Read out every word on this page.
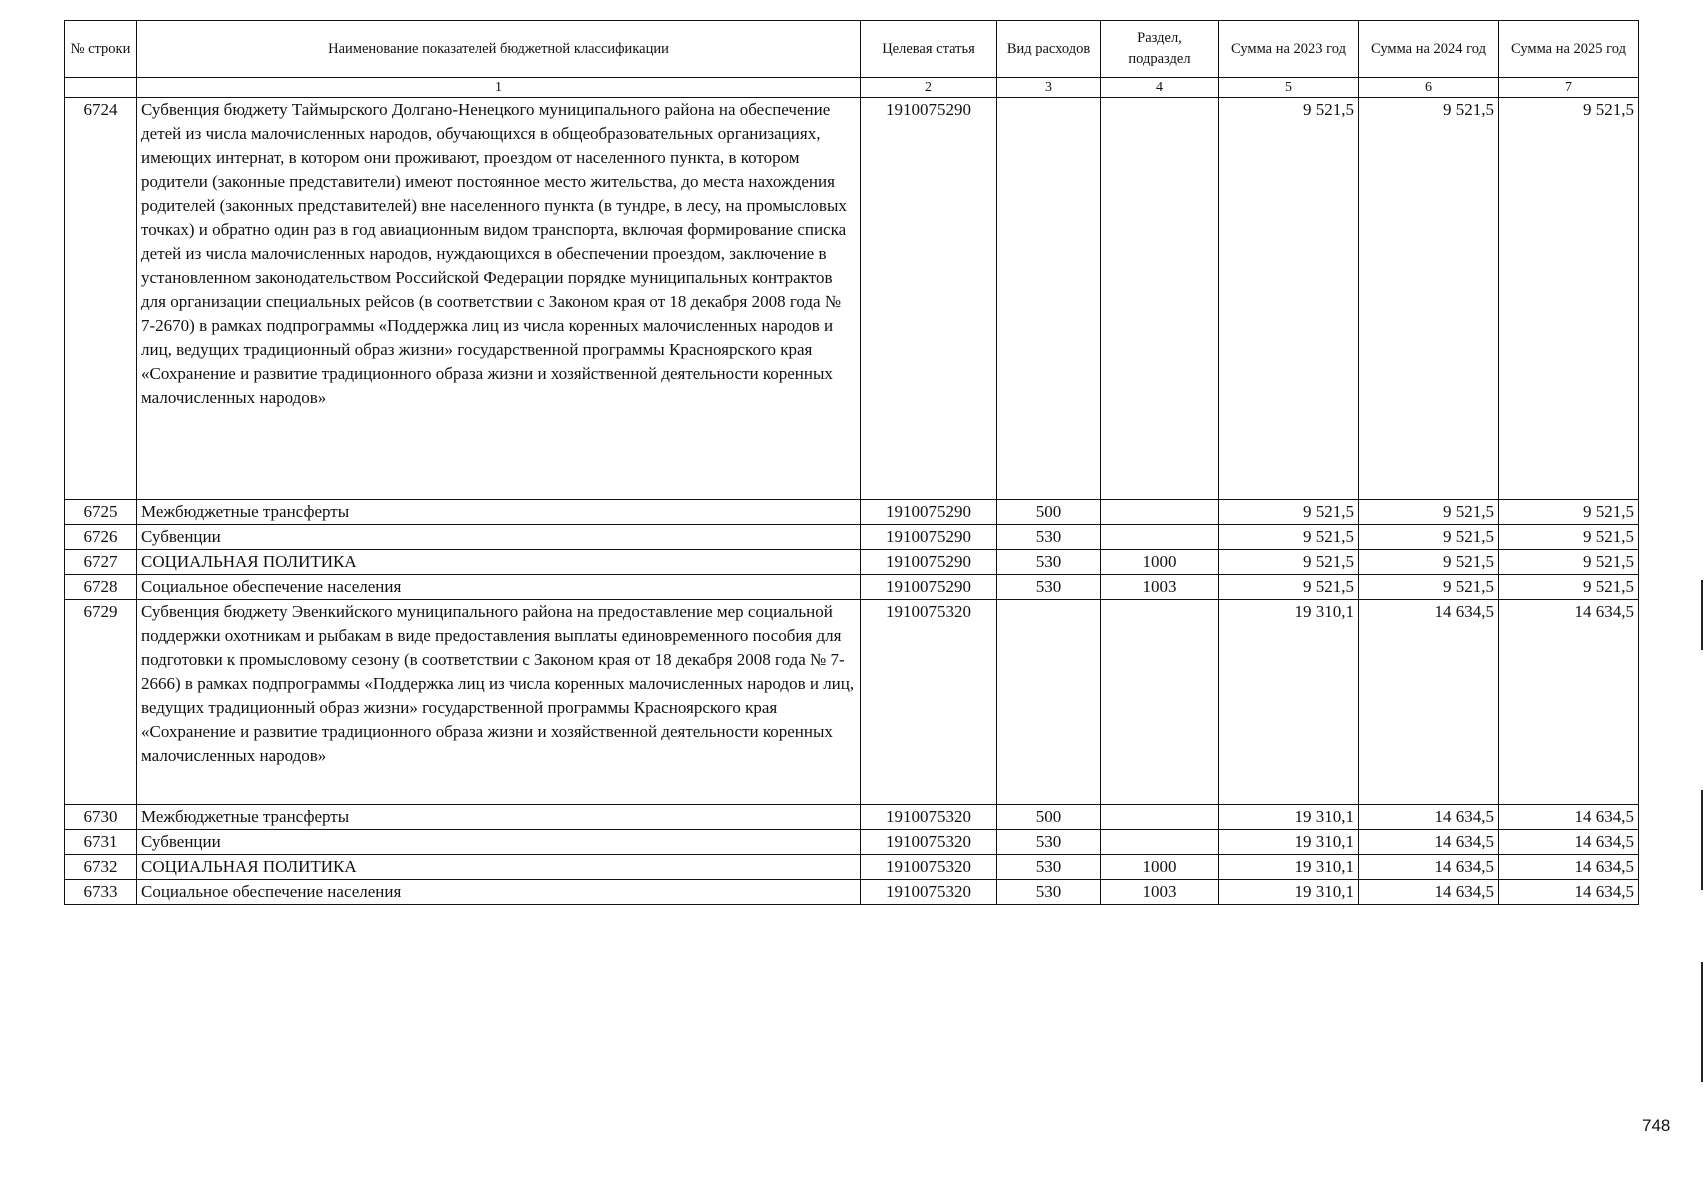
№ строки	Наименование показателей бюджетной классификации	Целевая статья	Вид расходов	Раздел, подраздел	Сумма на 2023 год	Сумма на 2024 год	Сумма на 2025 год
	1	2	3	4	5	6	7
6724	Субвенция бюджету Таймырского Долгано-Ненецкого муниципального района на обеспечение детей из числа малочисленных народов, обучающихся в общеобразовательных организациях, имеющих интернат, в котором они проживают, проездом от населенного пункта, в котором родители (законные представители) имеют постоянное место жительства, до места нахождения родителей (законных представителей) вне населенного пункта (в тундре, в лесу, на промысловых точках) и обратно один раз в год авиационным видом транспорта, включая формирование списка детей из числа малочисленных народов, нуждающихся в обеспечении проездом, заключение в установленном законодательством Российской Федерации порядке муниципальных контрактов для организации специальных рейсов (в соответствии с Законом края от 18 декабря 2008 года № 7-2670) в рамках подпрограммы «Поддержка лиц из числа коренных малочисленных народов и лиц, ведущих традиционный образ жизни» государственной программы Красноярского края «Сохранение и развитие традиционного образа жизни и хозяйственной деятельности коренных малочисленных народов»	1910075290			9 521,5	9 521,5	9 521,5
6725	Межбюджетные трансферты	1910075290	500		9 521,5	9 521,5	9 521,5
6726	Субвенции	1910075290	530		9 521,5	9 521,5	9 521,5
6727	СОЦИАЛЬНАЯ ПОЛИТИКА	1910075290	530	1000	9 521,5	9 521,5	9 521,5
6728	Социальное обеспечение населения	1910075290	530	1003	9 521,5	9 521,5	9 521,5
6729	Субвенция бюджету Эвенкийского муниципального района на предоставление мер социальной поддержки охотникам и рыбакам в виде предоставления выплаты единовременного пособия для подготовки к промысловому сезону (в соответствии с Законом края от 18 декабря 2008 года № 7-2666) в рамках подпрограммы «Поддержка лиц из числа коренных малочисленных народов и лиц, ведущих традиционный образ жизни» государственной программы Красноярского края «Сохранение и развитие традиционного образа жизни и хозяйственной деятельности коренных малочисленных народов»	1910075320			19 310,1	14 634,5	14 634,5
6730	Межбюджетные трансферты	1910075320	500		19 310,1	14 634,5	14 634,5
6731	Субвенции	1910075320	530		19 310,1	14 634,5	14 634,5
6732	СОЦИАЛЬНАЯ ПОЛИТИКА	1910075320	530	1000	19 310,1	14 634,5	14 634,5
6733	Социальное обеспечение населения	1910075320	530	1003	19 310,1	14 634,5	14 634,5
748
